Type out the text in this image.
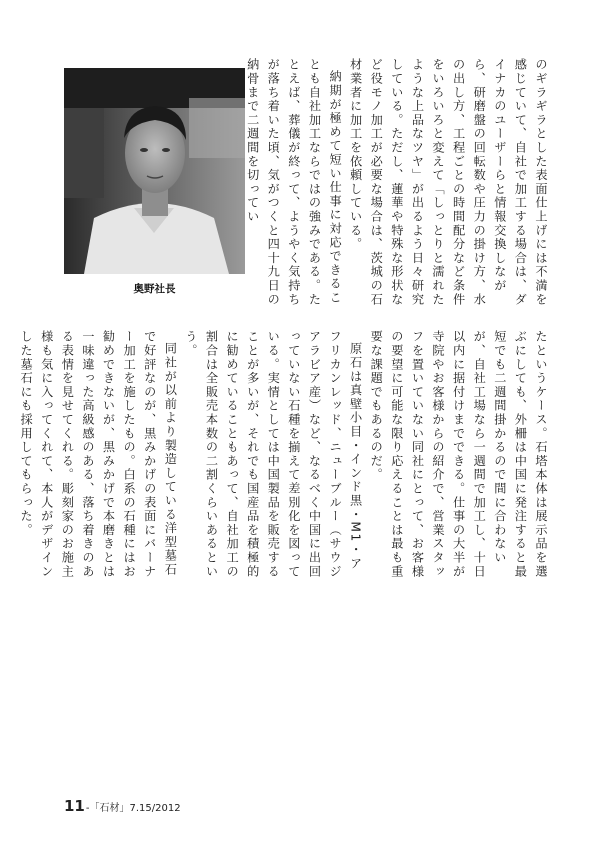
奥野社長	のギラギラとした表面仕上げには不満を感じていて、自社で加工する場合は、ダイナカのユーザーらと情報交換しながら、研磨盤の回転数や圧力の掛け方、水の出し方、工程ごとの時間配分など条件をいろいろと変えて「しっとりと濡れたような上品なツヤ」が出るよう日々研究している。ただし、蓮華や特殊な形状など役モノ加工が必要な場合は、茨城の石材業者に加工を依頼している。

納期が極めて短い仕事に対応できることも自社加工ならではの強みである。たとえば、葬儀が終って、ようやく気持ちが落ち着いた頃、気がつくと四十九日の納骨まで二週間を切ってい

たというケース。石塔本体は展示品を選ぶにしても、外柵は中国に発注すると最短でも二週間掛かるので間に合わないが、自社工場なら一週間で加工し、十日以内に据付けまでできる。仕事の大半が寺院やお客様からの紹介で、営業スタッフを置いていない同社にとって、お客様の要望に可能な限り応えることは最も重要な課題でもあるのだ。

原石は真壁小目・インド黒・M1・アフリカンレッド、ニューブルー（サウジアラビア産）など、なるべく中国に出回っていない石種を揃えて差別化を図っている。実情としては中国製品を販売することが多いが、それでも国産品を積極的に勧めていることもあって、自社加工の割合は全販売本数の二割くらいあるという。

同社が以前より製造している洋型墓石で好評なのが、黒みかげの表面にバーナー加工を施したもの。白系の石種にはお勧めできないが、黒みかげで本磨きとは一味違った高級感のある、落ち着きのある表情を見せてくれる。彫刻家のお施主様も気に入ってくれて、本人がデザインした墓石にも採用してもらった。

11-「石材」7.15/2012
